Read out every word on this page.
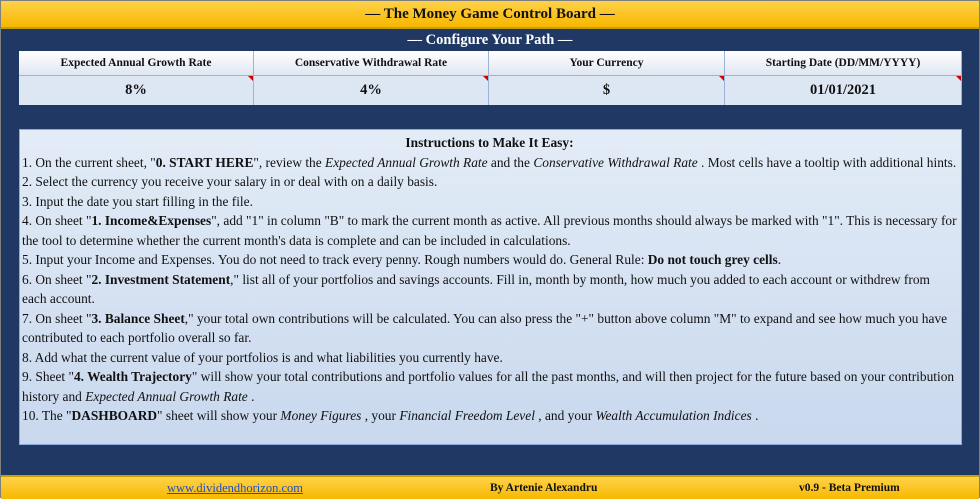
— The Money Game Control Board —
— Configure Your Path —
Expected Annual Growth Rate	Conservative Withdrawal Rate	Your Currency	Starting Date (DD/MM/YYYY)
8%	4%	$	01/01/2021
Instructions to Make It Easy:

1. On the current sheet, "0. START HERE", review the Expected Annual Growth Rate and the Conservative Withdrawal Rate . Most cells have a tooltip with additional hints.

2. Select the currency you receive your salary in or deal with on a daily basis.

3. Input the date you start filling in the file.

4. On sheet "1. Income&Expenses", add "1" in column "B" to mark the current month as active. All previous months should always be marked with "1". This is necessary for the tool to determine whether the current month's data is complete and can be included in calculations.

5. Input your Income and Expenses. You do not need to track every penny. Rough numbers would do. General Rule: Do not touch grey cells.

6. On sheet "2. Investment Statement," list all of your portfolios and savings accounts. Fill in, month by month, how much you added to each account or withdrew from each account.

7. On sheet "3. Balance Sheet," your total own contributions will be calculated. You can also press the "+" button above column "M" to expand and see how much you have contributed to each portfolio overall so far.

8. Add what the current value of your portfolios is and what liabilities you currently have.

9. Sheet "4. Wealth Trajectory" will show your total contributions and portfolio values for all the past months, and will then project for the future based on your contribution history and Expected Annual Growth Rate .

10. The "DASHBOARD" sheet will show your Money Figures , your Financial Freedom Level , and your Wealth Accumulation Indices .

www.dividendhorizon.com	By Artenie Alexandru	v0.9 - Beta Premium
